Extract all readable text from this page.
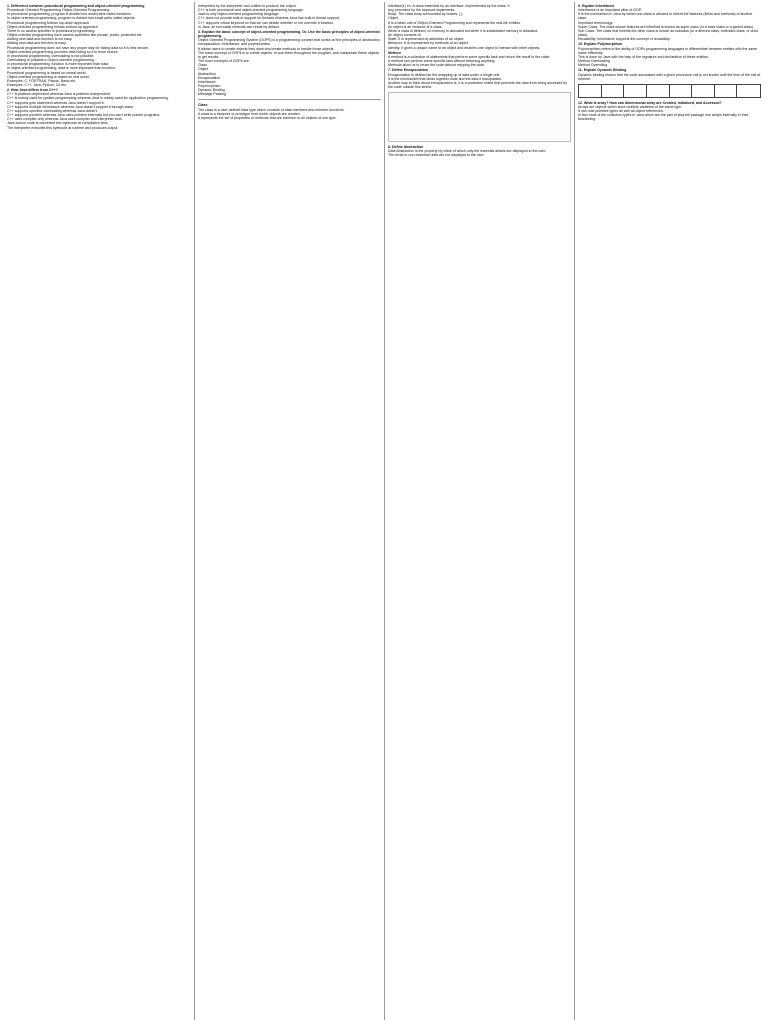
1. Difference between procedural programming and object-oriented programming

Procedural Oriented Programming Object-Oriented Programming

In procedural programming, program is divided into small parts called functions.

In object-oriented programming, program is divided into small parts called objects.

Procedural programming follows top-down approach.

Object-oriented programming follows bottom-up approach.

There is no access specifier in procedural programming.

Object-oriented programming have access specifiers like private, public, protected etc.

Adding new data and function is not easy.

Adding new data and function is easy.

Procedural programming does not have any proper way for hiding data so it is less secure.

Object-oriented programming provides data hiding so it is more secure.

In procedural programming, overloading is not possible.

Overloading is possible in object-oriented programming.

In procedural programming, function is more important than data.

In object-oriented programming, data is more important than function.

Procedural programming is based on unreal world.

Object-oriented programming is based on real world.

Examples: C, FORTRAN, Pascal, Basic etc.

Examples: C++, Java, Python, C# etc.

2. How Java differs from C++?

C++ is platform-dependent whereas Java is platform-independent.

C++ is mainly used for system programming whereas Java is mainly used for application programming.

C++ supports goto statement whereas Java doesn't support it.

C++ supports multiple inheritance whereas Java doesn't support it through class.

C++ supports operator overloading whereas Java doesn't.

C++ supports pointers whereas Java uses pointers internally but you can't write pointer programs.

C++ uses compiler only whereas Java uses compiler and interpreter both.

Java source code is converted into bytecode at compilation time.

The interpreter executes this bytecode at runtime and produces output.

interpreted by the interpreter and outline to produce the output.

C++ is both procedural and object-oriented programming language.

Java is only object-oriented programming language.

C++ does not provide built-in support for threads whereas Java has built-in thread support.

C++ supports virtual keyword so that we can decide whether or not override a function.

In Java, all non-static methods are virtual by default.

3. Explain the basic concept of object-oriented programming. Or, Use the basic principles of object-oriented programming.

Object Oriented Programming System (OOPS) is a programming concept that works on the principles of abstraction, encapsulation, inheritance, and polymorphism.

It allows users to create objects they want and create methods to handle those objects.

The basic concept of OOPs is to create objects, re-use them throughout the program, and manipulate these objects to get results.

The main concepts of OOPs are:

Class

Object

Abstraction

Encapsulation

Inheritance

Polymorphism

Dynamic Binding

Message Passing

Class

The class is a user-defined data type which consists of data members and member functions.

A class is a blueprint or prototype from which objects are created.

It represents the set of properties or methods that are common to all objects of one type.

interface(1) ex: A class extended by an interface, implemented by the class. If

any, preceded by the keyword implements.

Body: The class body surrounded by braces, { }.

Object

It is a basic unit of Object-Oriented Programming and represents the real-life entities.

An object is an instance of a class.

When a class is defined, no memory is allocated but when it is instantiated memory is allocated.

An object consists of:

State: It is represented by attributes of an object.

Behavior: It is represented by methods of an object.

Identity: It gives a unique name to an object and enables one object to interact with other objects.

Method

A method is a collection of statements that perform some specific task and return the result to the caller.

A method can perform some specific task without returning anything.

Methods allow us to reuse the code without retyping the code.

7. Define Encapsulation

Encapsulation is defined as the wrapping up of data under a single unit.

It is the mechanism that binds together code and the data it manipulates.

Another way to think about encapsulation is, it is a protective shield that prevents the data from being accessed by the code outside this shield.

8. Define Abstraction

Data Abstraction is the property by virtue of which only the essential details are displayed to the user.

The trivial or non-essential units are not displayed to the user.

9. Explain Inheritance

Inheritance is an important pillar of OOP.

It is the mechanism in Java by which one class is allowed to inherit the features (fields and methods) of another class.

Important terminology:

Super Class: The class whose features are inherited is known as super class (or a base class or a parent class).

Sub Class: The class that inherits the other class is known as subclass (or a derived class, extended class, or child class).

Reusability: Inheritance supports the concept of reusability.

10. Explain Polymorphism

Polymorphism refers to the ability of OOPs programming languages to differentiate between entities with the same name efficiently.

This is done by Java with the help of the signature and declaration of these entities.

Method Overloading

Method Overriding

11. Explain Dynamic Binding

Dynamic binding means that the code associated with a given procedure call is not known until the time of the call at runtime.

12. What is array? How can dimensional array are Created, Initialized, and Accessed?

Arrays are objects which store multiple variables of the same type.

It can hold primitive types as well as object references.

In fact most of the collection types in Java which are the part of java.util package use arrays internally in their functioning.
